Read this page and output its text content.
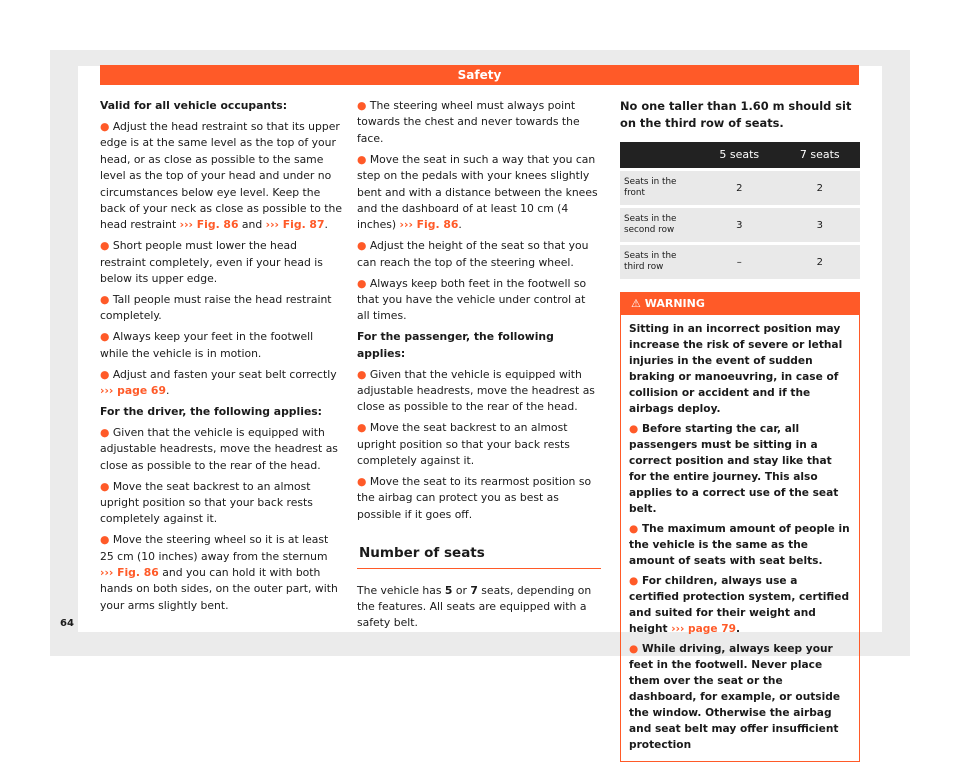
Safety

Valid for all vehicle occupants:

● Adjust the head restraint so that its upper edge is at the same level as the top of your head, or as close as possible to the same level as the top of your head and under no circumstances below eye level. Keep the back of your neck as close as possible to the head restraint ››› Fig. 86 and ››› Fig. 87.

● Short people must lower the head restraint completely, even if your head is below its upper edge.

● Tall people must raise the head restraint completely.

● Always keep your feet in the footwell while the vehicle is in motion.

● Adjust and fasten your seat belt correctly ››› page 69.

For the driver, the following applies:

● Given that the vehicle is equipped with adjustable headrests, move the headrest as close as possible to the rear of the head.

● Move the seat backrest to an almost upright position so that your back rests completely against it.

● Move the steering wheel so it is at least 25 cm (10 inches) away from the sternum ››› Fig. 86 and you can hold it with both hands on both sides, on the outer part, with your arms slightly bent.

● The steering wheel must always point towards the chest and never towards the face.

● Move the seat in such a way that you can step on the pedals with your knees slightly bent and with a distance between the knees and the dashboard of at least 10 cm (4 inches) ››› Fig. 86.

● Adjust the height of the seat so that you can reach the top of the steering wheel.

● Always keep both feet in the footwell so that you have the vehicle under control at all times.

For the passenger, the following applies:

● Given that the vehicle is equipped with adjustable headrests, move the headrest as close as possible to the rear of the head.

● Move the seat backrest to an almost upright position so that your back rests completely against it.

● Move the seat to its rearmost position so the airbag can protect you as best as possible if it goes off.

Number of seats

The vehicle has 5 or 7 seats, depending on the features. All seats are equipped with a safety belt.

No one taller than 1.60 m should sit on the third row of seats.

	5 seats	7 seats
Seats in the front	2	2
Seats in the second row	3	3
Seats in the third row	–	2
⚠ WARNING

Sitting in an incorrect position may increase the risk of severe or lethal injuries in the event of sudden braking or manoeuvring, in case of collision or accident and if the airbags deploy.

● Before starting the car, all passengers must be sitting in a correct position and stay like that for the entire journey. This also applies to a correct use of the seat belt.

● The maximum amount of people in the vehicle is the same as the amount of seats with seat belts.

● For children, always use a certified protection system, certified and suited for their weight and height ››› page 79.

● While driving, always keep your feet in the footwell. Never place them over the seat or the dashboard, for example, or outside the window. Otherwise the airbag and seat belt may offer insufficient protection

64
